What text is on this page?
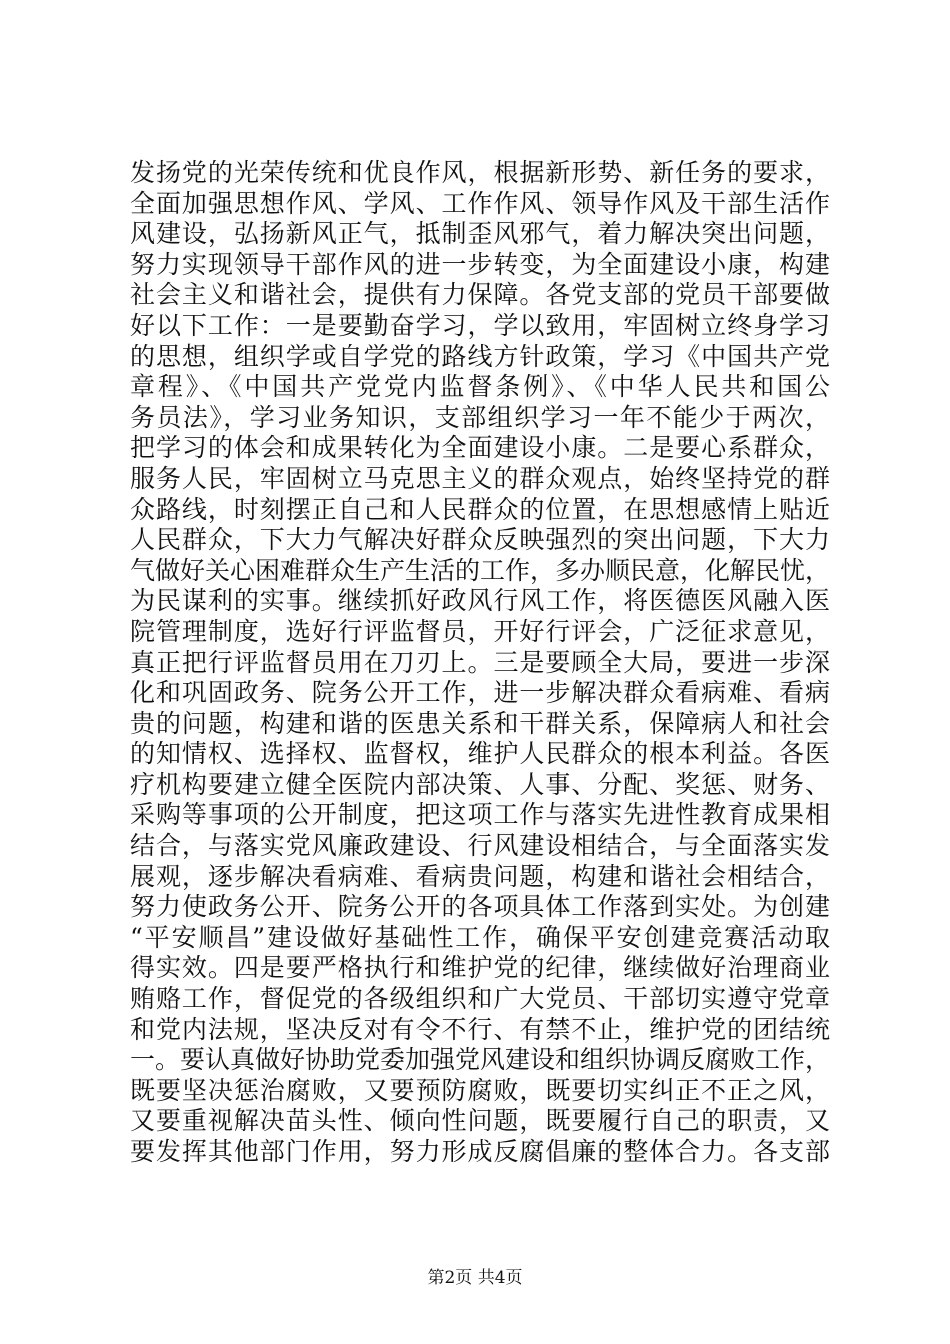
发扬党的光荣传统和优良作风，根据新形势、新任务的要求，
全面加强思想作风、学风、工作作风、领导作风及干部生活作
风建设，弘扬新风正气，抵制歪风邪气，着力解决突出问题，
努力实现领导干部作风的进一步转变，为全面建设小康，构建
社会主义和谐社会，提供有力保障。各党支部的党员干部要做
好以下工作：一是要勤奋学习，学以致用，牢固树立终身学习
的思想，组织学或自学党的路线方针政策，学习《中国共产党
章程》、《中国共产党党内监督条例》、《中华人民共和国公
务员法》，学习业务知识，支部组织学习一年不能少于两次，
把学习的体会和成果转化为全面建设小康。二是要心系群众，
服务人民，牢固树立马克思主义的群众观点，始终坚持党的群
众路线，时刻摆正自己和人民群众的位置，在思想感情上贴近
人民群众，下大力气解决好群众反映强烈的突出问题，下大力
气做好关心困难群众生产生活的工作，多办顺民意，化解民忧，
为民谋利的实事。继续抓好政风行风工作，将医德医风融入医
院管理制度，选好行评监督员，开好行评会，广泛征求意见，
真正把行评监督员用在刀刃上。三是要顾全大局，要进一步深
化和巩固政务、院务公开工作，进一步解决群众看病难、看病
贵的问题，构建和谐的医患关系和干群关系，保障病人和社会
的知情权、选择权、监督权，维护人民群众的根本利益。各医
疗机构要建立健全医院内部决策、人事、分配、奖惩、财务、
采购等事项的公开制度，把这项工作与落实先进性教育成果相
结合，与落实党风廉政建设、行风建设相结合，与全面落实发
展观，逐步解决看病难、看病贵问题，构建和谐社会相结合，
努力使政务公开、院务公开的各项具体工作落到实处。为创建
“平安顺昌”建设做好基础性工作，确保平安创建竞赛活动取
得实效。四是要严格执行和维护党的纪律，继续做好治理商业
贿赂工作，督促党的各级组织和广大党员、干部切实遵守党章
和党内法规，坚决反对有令不行、有禁不止，维护党的团结统
一。要认真做好协助党委加强党风建设和组织协调反腐败工作，
既要坚决惩治腐败，又要预防腐败，既要切实纠正不正之风，
又要重视解决苗头性、倾向性问题，既要履行自己的职责，又
要发挥其他部门作用，努力形成反腐倡廉的整体合力。各支部
第2页 共4页
